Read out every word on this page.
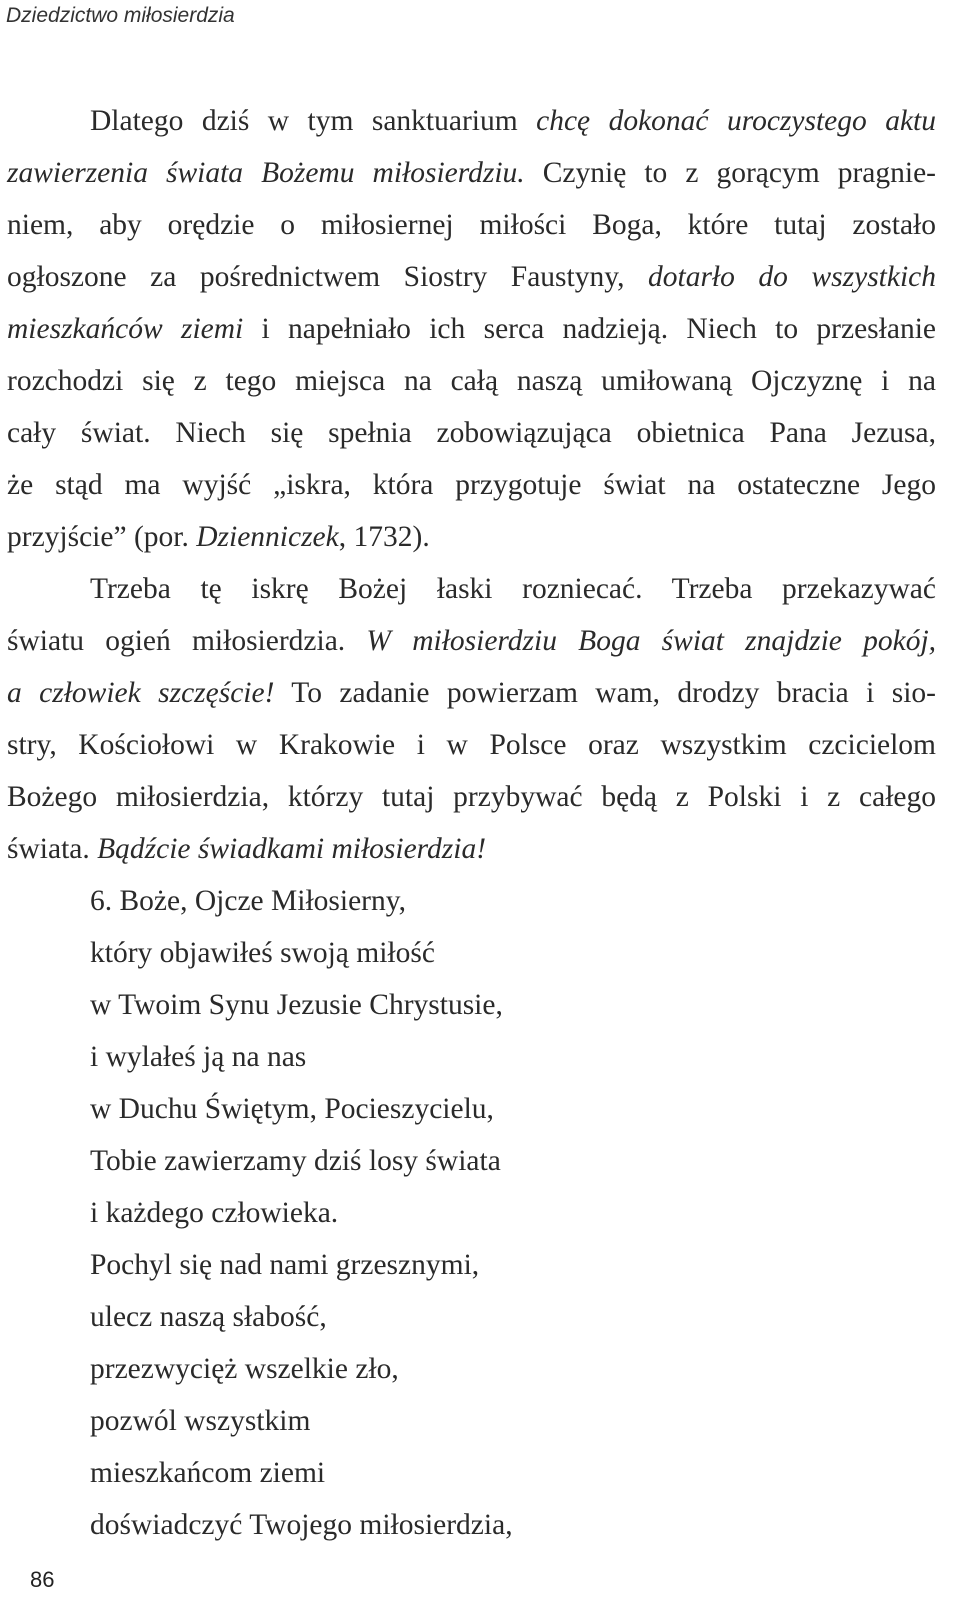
Dziedzictwo miłosierdzia
Dlatego dziś w tym sanktuarium chcę dokonać uroczystego aktu
zawierzenia świata Bożemu miłosierdziu. Czynię to z gorącym pragnie-
niem, aby orędzie o miłosiernej miłości Boga, które tutaj zostało
ogłoszone za pośrednictwem Siostry Faustyny, dotarło do wszystkich
mieszkańców ziemi i napełniało ich serca nadzieją. Niech to przesłanie
rozchodzi się z tego miejsca na całą naszą umiłowaną Ojczyznę i na
cały świat. Niech się spełnia zobowiązująca obietnica Pana Jezusa,
że stąd ma wyjść „iskra, która przygotuje świat na ostateczne Jego
przyjście” (por. Dzienniczek, 1732).
Trzeba tę iskrę Bożej łaski rozniecać. Trzeba przekazywać
światu ogień miłosierdzia. W miłosierdziu Boga świat znajdzie pokój,
a człowiek szczęście! To zadanie powierzam wam, drodzy bracia i sio-
stry, Kościołowi w Krakowie i w Polsce oraz wszystkim czcicielom
Bożego miłosierdzia, którzy tutaj przybywać będą z Polski i z całego
świata. Bądźcie świadkami miłosierdzia!
6. Boże, Ojcze Miłosierny,
który objawiłeś swoją miłość
w Twoim Synu Jezusie Chrystusie,
i wylałeś ją na nas
w Duchu Świętym, Pocieszycielu,
Tobie zawierzamy dziś losy świata
i każdego człowieka.
Pochyl się nad nami grzesznymi,
ulecz naszą słabość,
przezwycięż wszelkie zło,
pozwól wszystkim
mieszkańcom ziemi
doświadczyć Twojego miłosierdzia,
86
